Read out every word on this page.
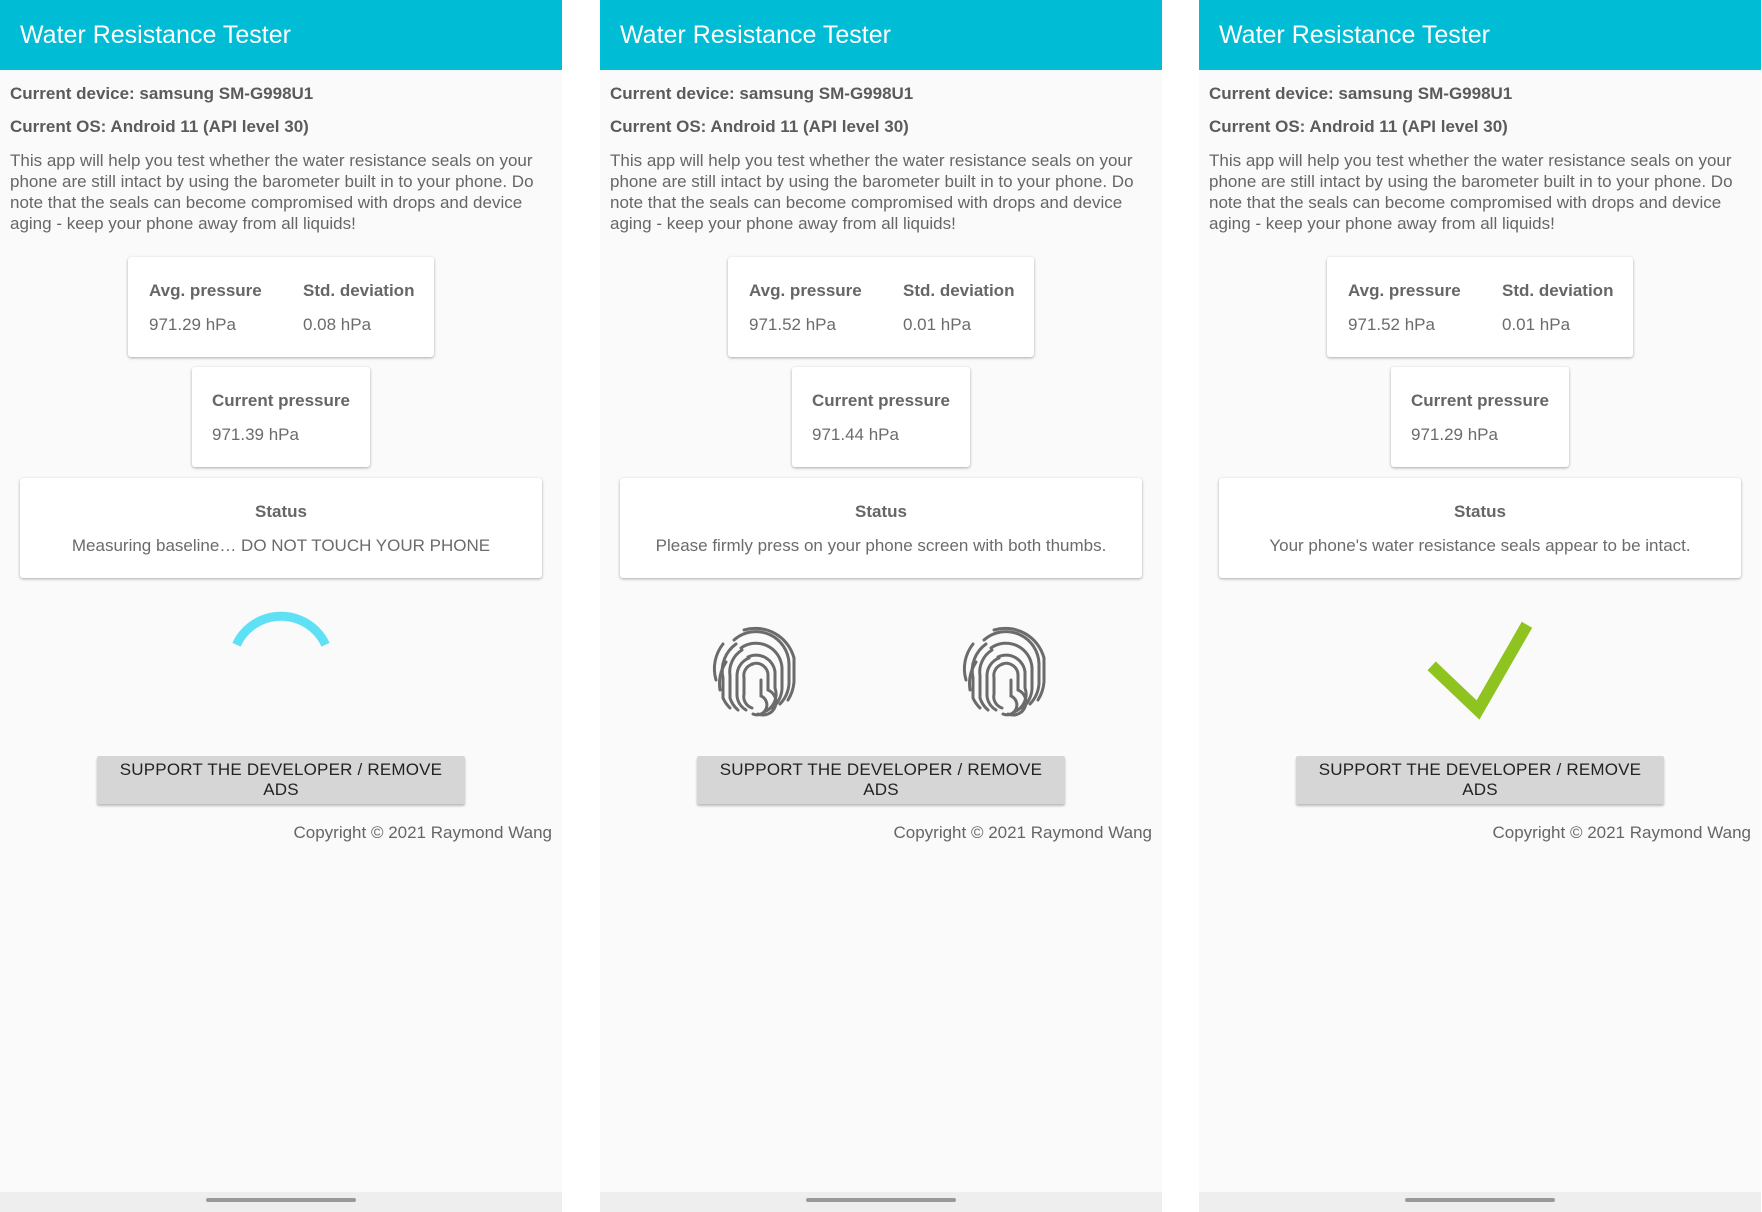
Water Resistance Tester

Current device: samsung SM-G998U1

Current OS: Android 11 (API level 30)

This app will help you test whether the water resistance seals on your phone are still intact by using the barometer built in to your phone. Do note that the seals can become compromised with drops and device aging - keep your phone away from all liquids!
Avg. pressure
971.29 hPa
Std. deviation
0.08 hPa
Current pressure
971.39 hPa
Status
Measuring baseline… DO NOT TOUCH YOUR PHONE
SUPPORT THE DEVELOPER / REMOVE ADS
Copyright © 2021 Raymond Wang
Water Resistance Tester

Current device: samsung SM-G998U1

Current OS: Android 11 (API level 30)

This app will help you test whether the water resistance seals on your phone are still intact by using the barometer built in to your phone. Do note that the seals can become compromised with drops and device aging - keep your phone away from all liquids!
Avg. pressure
971.52 hPa
Std. deviation
0.01 hPa
Current pressure
971.44 hPa
Status
Please firmly press on your phone screen with both thumbs.
SUPPORT THE DEVELOPER / REMOVE ADS
Copyright © 2021 Raymond Wang
Water Resistance Tester

Current device: samsung SM-G998U1

Current OS: Android 11 (API level 30)

This app will help you test whether the water resistance seals on your phone are still intact by using the barometer built in to your phone. Do note that the seals can become compromised with drops and device aging - keep your phone away from all liquids!
Avg. pressure
971.52 hPa
Std. deviation
0.01 hPa
Current pressure
971.29 hPa
Status
Your phone's water resistance seals appear to be intact.
SUPPORT THE DEVELOPER / REMOVE ADS
Copyright © 2021 Raymond Wang
